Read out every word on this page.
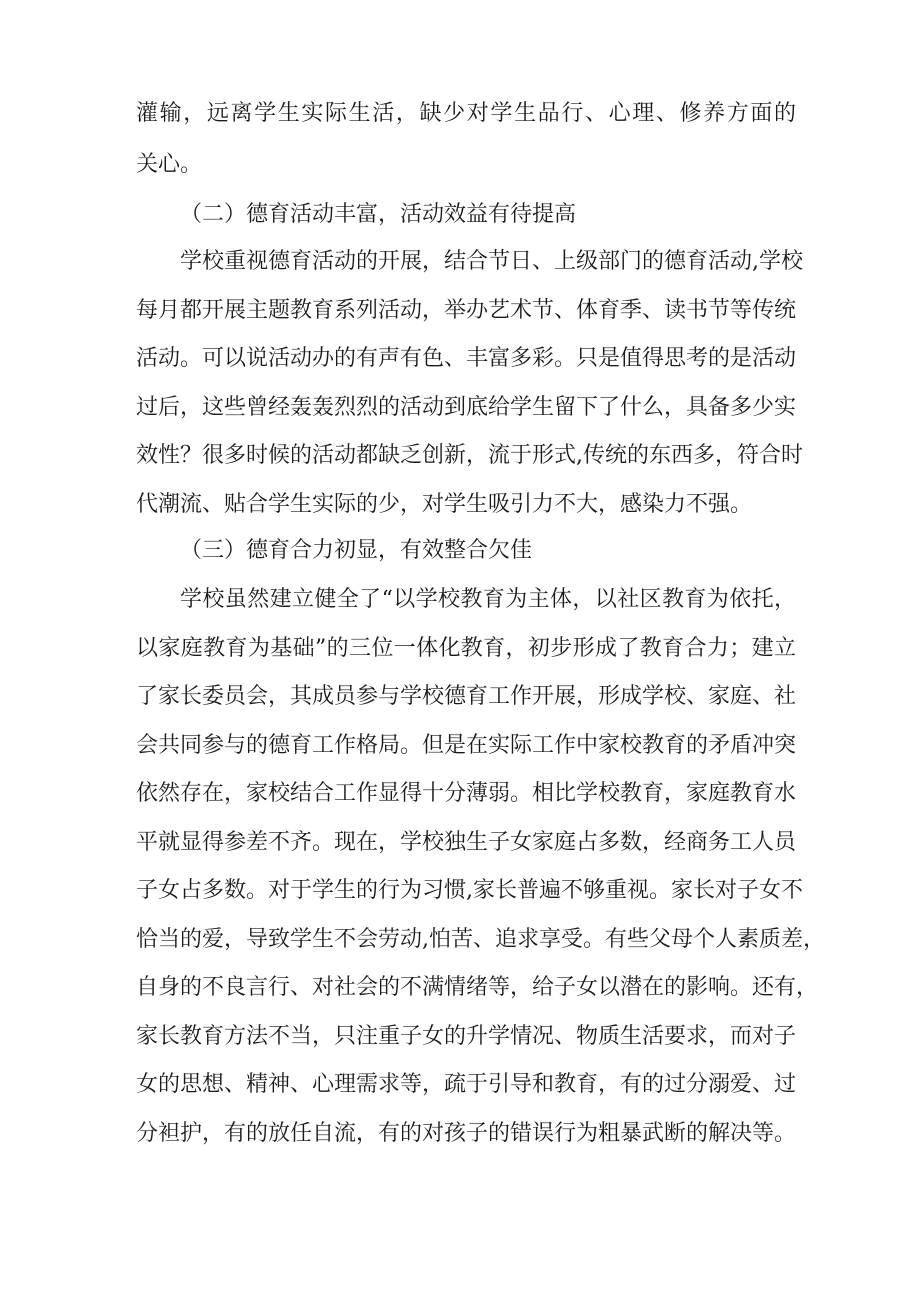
灌输，远离学生实际生活，缺少对学生品行、心理、修养方面的
关心。
（二）德育活动丰富，活动效益有待提高
学校重视德育活动的开展，结合节日、上级部门的德育活动,学校
每月都开展主题教育系列活动，举办艺术节、体育季、读书节等传统
活动。可以说活动办的有声有色、丰富多彩。只是值得思考的是活动
过后，这些曾经轰轰烈烈的活动到底给学生留下了什么，具备多少实
效性？很多时候的活动都缺乏创新，流于形式,传统的东西多，符合时
代潮流、贴合学生实际的少，对学生吸引力不大，感染力不强。
（三）德育合力初显，有效整合欠佳
学校虽然建立健全了“以学校教育为主体，以社区教育为依托，
以家庭教育为基础”的三位一体化教育，初步形成了教育合力；建立
了家长委员会，其成员参与学校德育工作开展，形成学校、家庭、社
会共同参与的德育工作格局。但是在实际工作中家校教育的矛盾冲突
依然存在，家校结合工作显得十分薄弱。相比学校教育，家庭教育水
平就显得参差不齐。现在，学校独生子女家庭占多数，经商务工人员
子女占多数。对于学生的行为习惯,家长普遍不够重视。家长对子女不
恰当的爱，导致学生不会劳动,怕苦、追求享受。有些父母个人素质差，
自身的不良言行、对社会的不满情绪等，给子女以潜在的影响。还有，
家长教育方法不当，只注重子女的升学情况、物质生活要求，而对子
女的思想、精神、心理需求等，疏于引导和教育，有的过分溺爱、过
分袒护，有的放任自流，有的对孩子的错误行为粗暴武断的解决等。
